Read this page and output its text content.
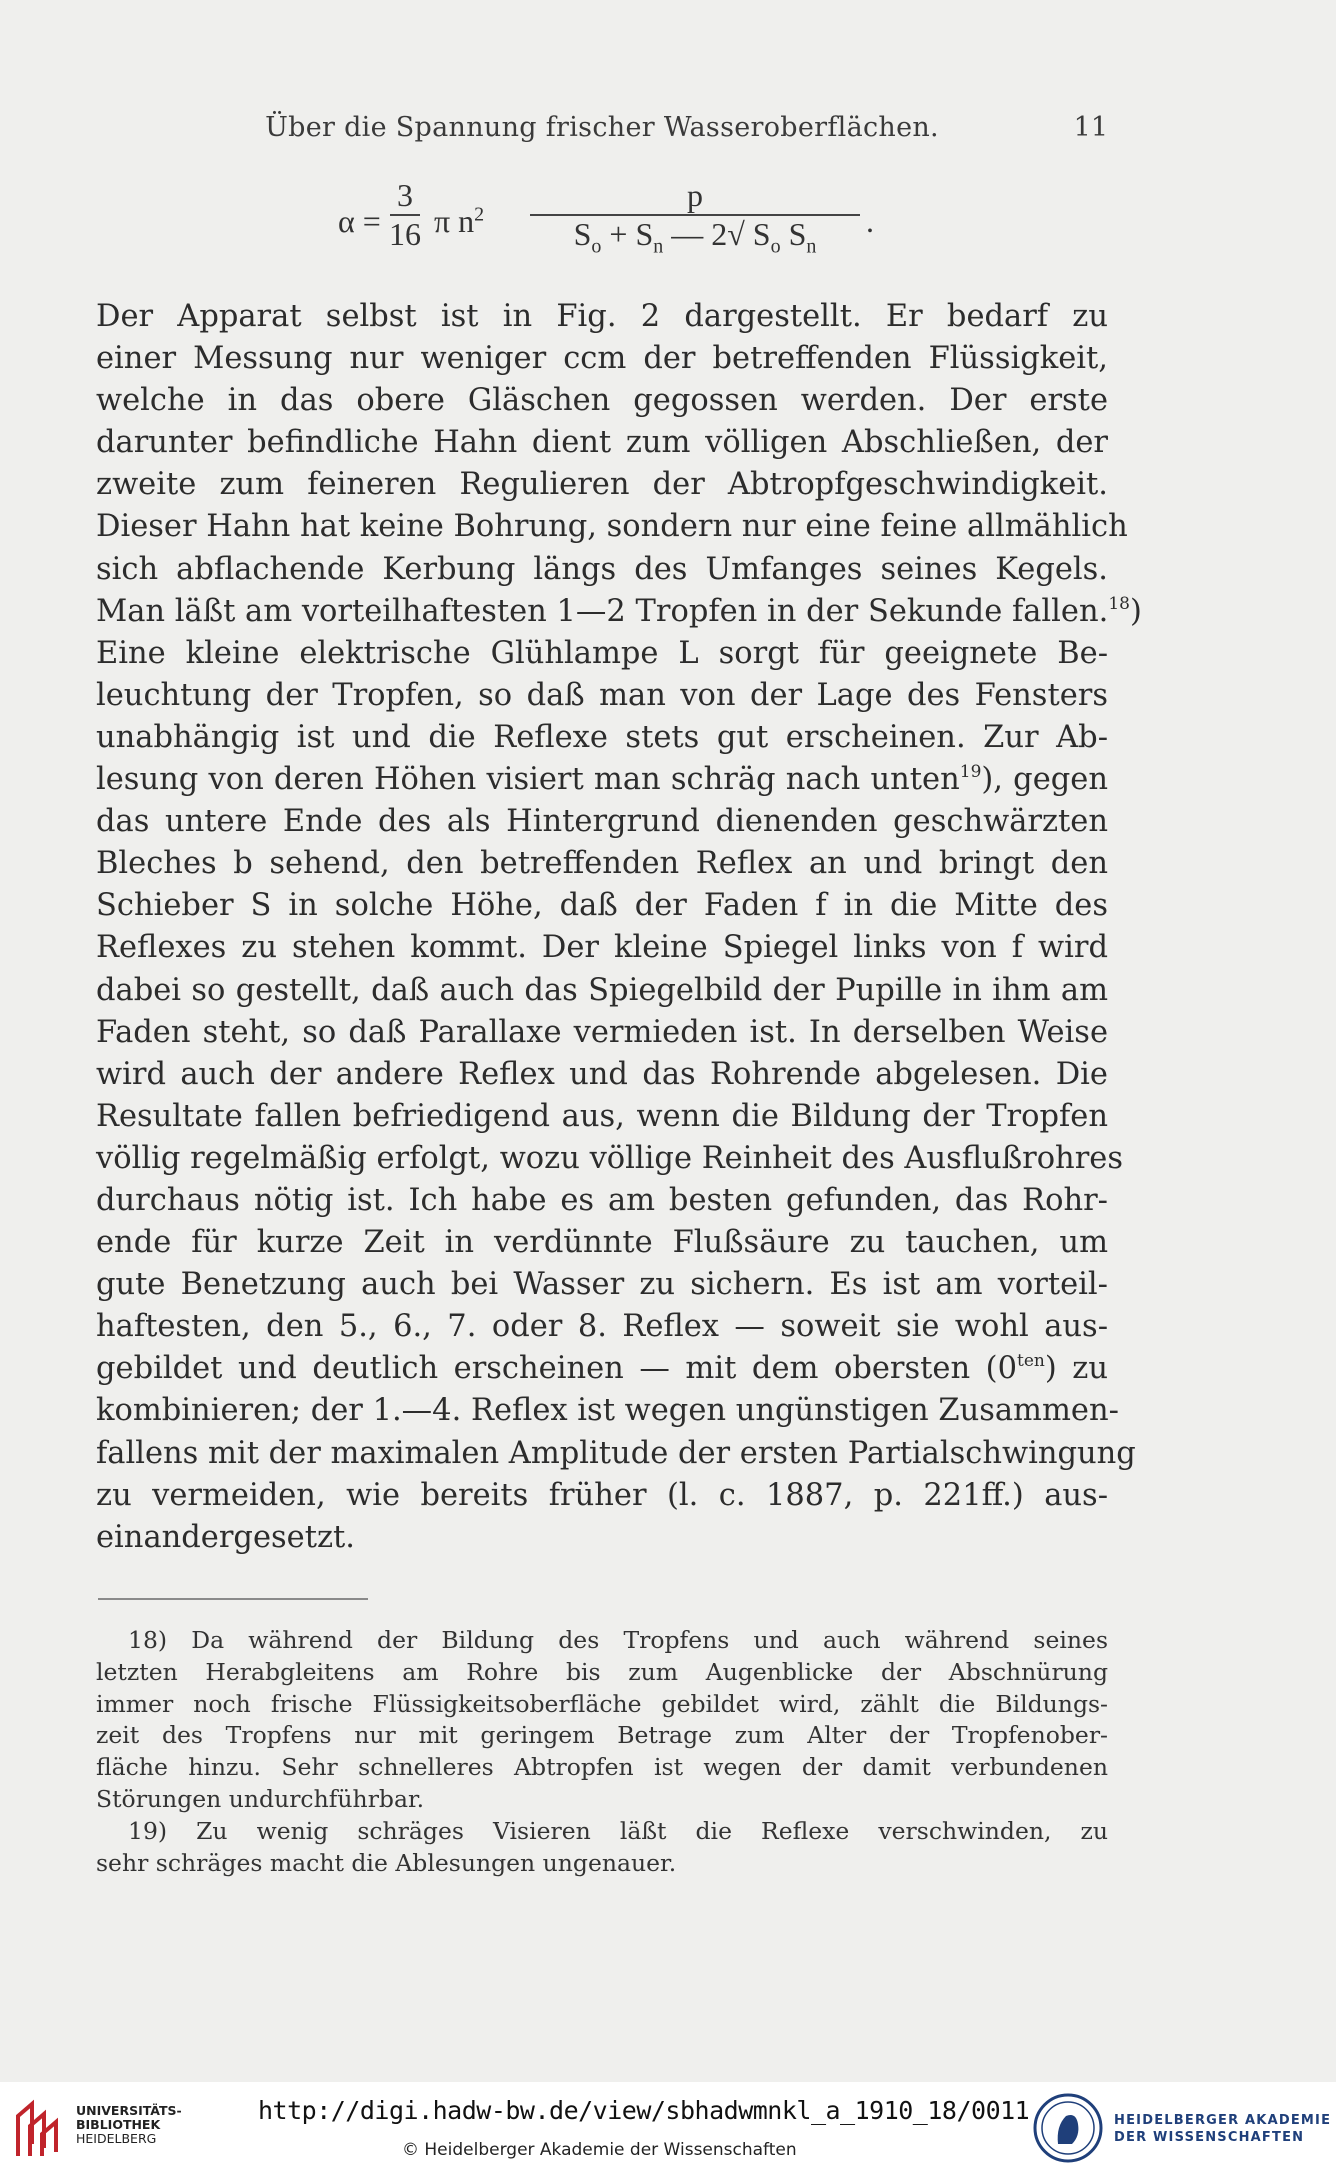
Über die Spannung frischer Wasseroberflächen.	11
α =
3
16 π $n^2$
p
$S_o + S_n$ — 2√ $S_o$ $S_n$
.
Der Apparat selbst ist in Fig. 2 dargestellt. Er bedarf zu
einer Messung nur weniger ccm der betreffenden Flüssigkeit,
welche in das obere Gläschen gegossen werden. Der erste
darunter befindliche Hahn dient zum völligen Abschließen, der
zweite zum feineren Regulieren der Abtropfgeschwindigkeit.
Dieser Hahn hat keine Bohrung, sondern nur eine feine allmählich
sich abflachende Kerbung längs des Umfanges seines Kegels.
Man läßt am vorteilhaftesten 1—2 Tropfen in der Sekunde fallen.$^{18}$)
Eine kleine elektrische Glühlampe L sorgt für geeignete Be-
leuchtung der Tropfen, so daß man von der Lage des Fensters
unabhängig ist und die Reflexe stets gut erscheinen. Zur Ab-
lesung von deren Höhen visiert man schräg nach unten$^{19}$), gegen
das untere Ende des als Hintergrund dienenden geschwärzten
Bleches b sehend, den betreffenden Reflex an und bringt den
Schieber S in solche Höhe, daß der Faden f in die Mitte des
Reflexes zu stehen kommt. Der kleine Spiegel links von f wird
dabei so gestellt, daß auch das Spiegelbild der Pupille in ihm am
Faden steht, so daß Parallaxe vermieden ist. In derselben Weise
wird auch der andere Reflex und das Rohrende abgelesen. Die
Resultate fallen befriedigend aus, wenn die Bildung der Tropfen
völlig regelmäßig erfolgt, wozu völlige Reinheit des Ausflußrohres
durchaus nötig ist. Ich habe es am besten gefunden, das Rohr-
ende für kurze Zeit in verdünnte Flußsäure zu tauchen, um
gute Benetzung auch bei Wasser zu sichern. Es ist am vorteil-
haftesten, den 5., 6., 7. oder 8. Reflex — soweit sie wohl aus-
gebildet und deutlich erscheinen — mit dem obersten (0$^{ten}$) zu
kombinieren; der 1.—4. Reflex ist wegen ungünstigen Zusammen-
fallens mit der maximalen Amplitude der ersten Partialschwingung
zu vermeiden, wie bereits früher (l. c. 1887, p. 221ff.) aus-
einandergesetzt.
18) Da während der Bildung des Tropfens und auch während seines
letzten Herabgleitens am Rohre bis zum Augenblicke der Abschnürung
immer noch frische Flüssigkeitsoberfläche gebildet wird, zählt die Bildungs-
zeit des Tropfens nur mit geringem Betrage zum Alter der Tropfenober-
fläche hinzu. Sehr schnelleres Abtropfen ist wegen der damit verbundenen
Störungen undurchführbar.
19) Zu wenig schräges Visieren läßt die Reflexe verschwinden, zu
sehr schräges macht die Ablesungen ungenauer.
UNIVERSITÄTS-
BIBLIOTHEK
HEIDELBERG
http://digi.hadw-bw.de/view/sbhadwmnkl_a_1910_18/0011
© Heidelberger Akademie der Wissenschaften
HEIDELBERGER AKADEMIE
DER WISSENSCHAFTEN
